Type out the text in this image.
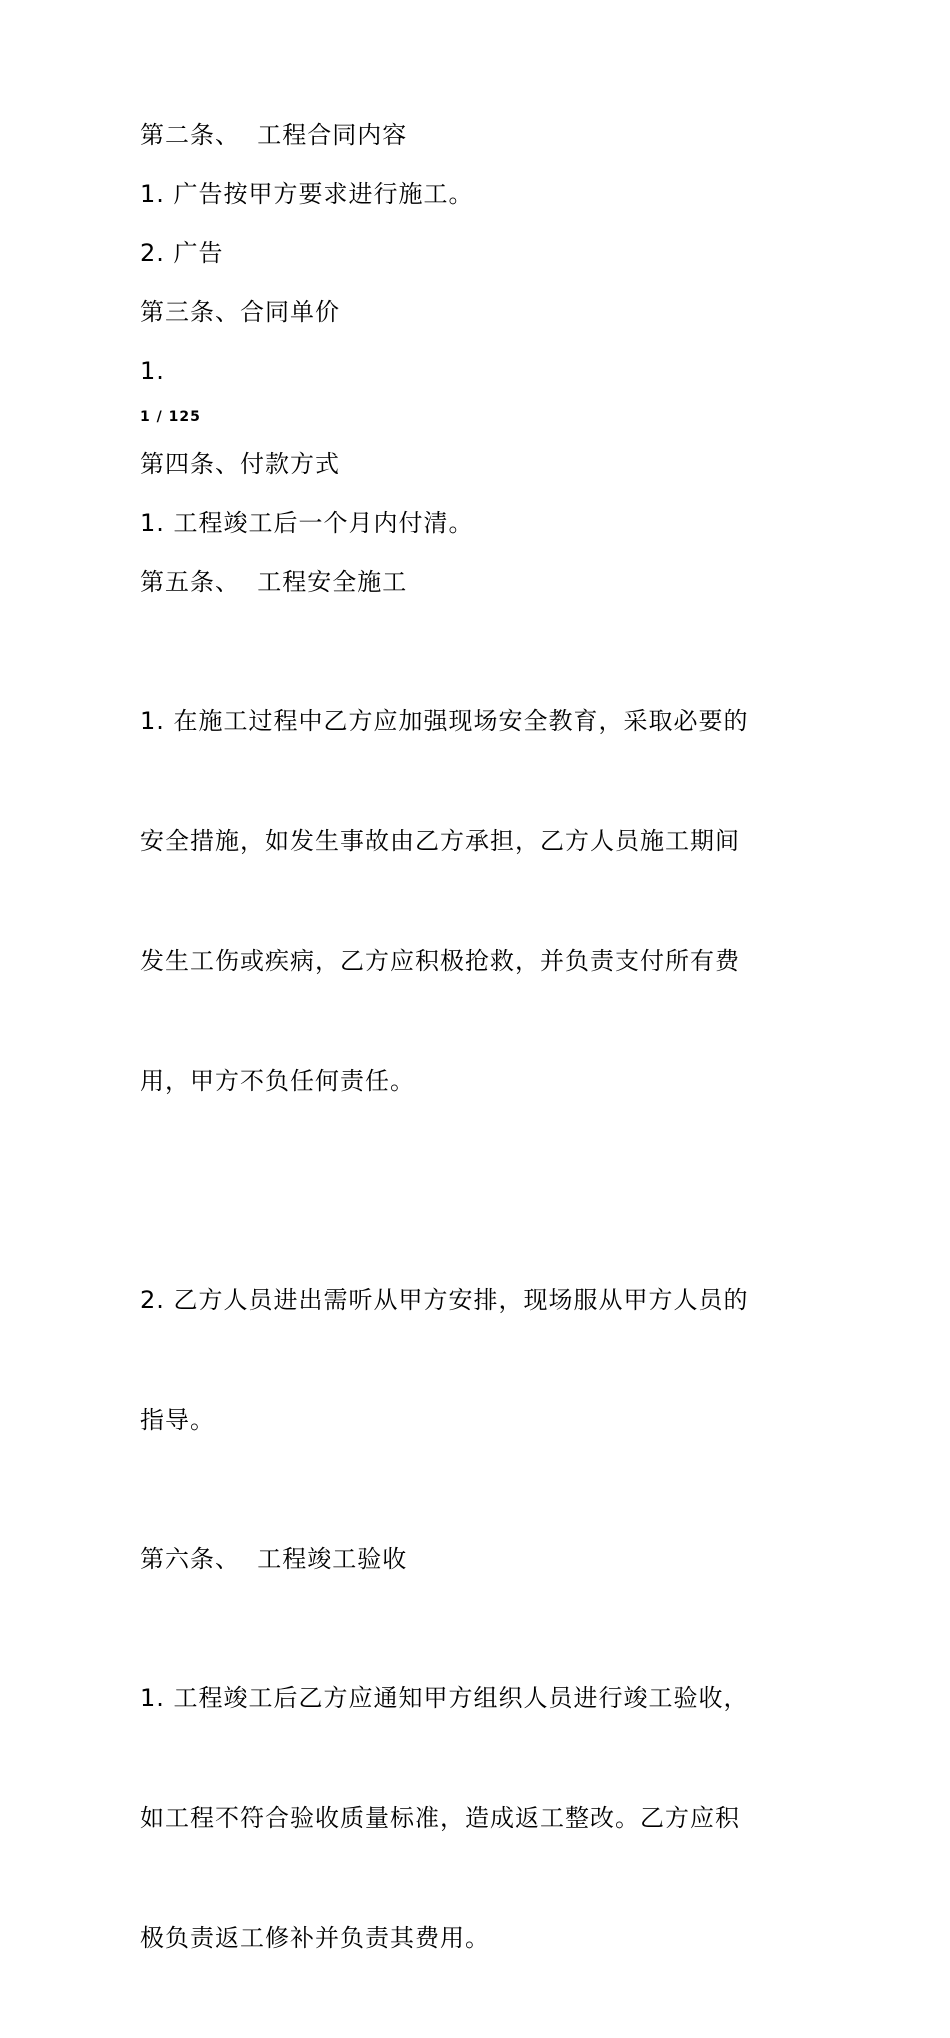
第二条、  工程合同内容
1. 广告按甲方要求进行施工。
2. 广告
第三条、合同单价
1.
1 / 125
第四条、付款方式
1. 工程竣工后一个月内付清。
第五条、  工程安全施工

1. 在施工过程中乙方应加强现场安全教育，采取必要的

安全措施，如发生事故由乙方承担，乙方人员施工期间

发生工伤或疾病，乙方应积极抢救，并负责支付所有费

用，甲方不负任何责任。

2. 乙方人员进出需听从甲方安排，现场服从甲方人员的

指导。

第六条、  工程竣工验收

1. 工程竣工后乙方应通知甲方组织人员进行竣工验收，

如工程不符合验收质量标准，造成返工整改。乙方应积

极负责返工修补并负责其费用。
